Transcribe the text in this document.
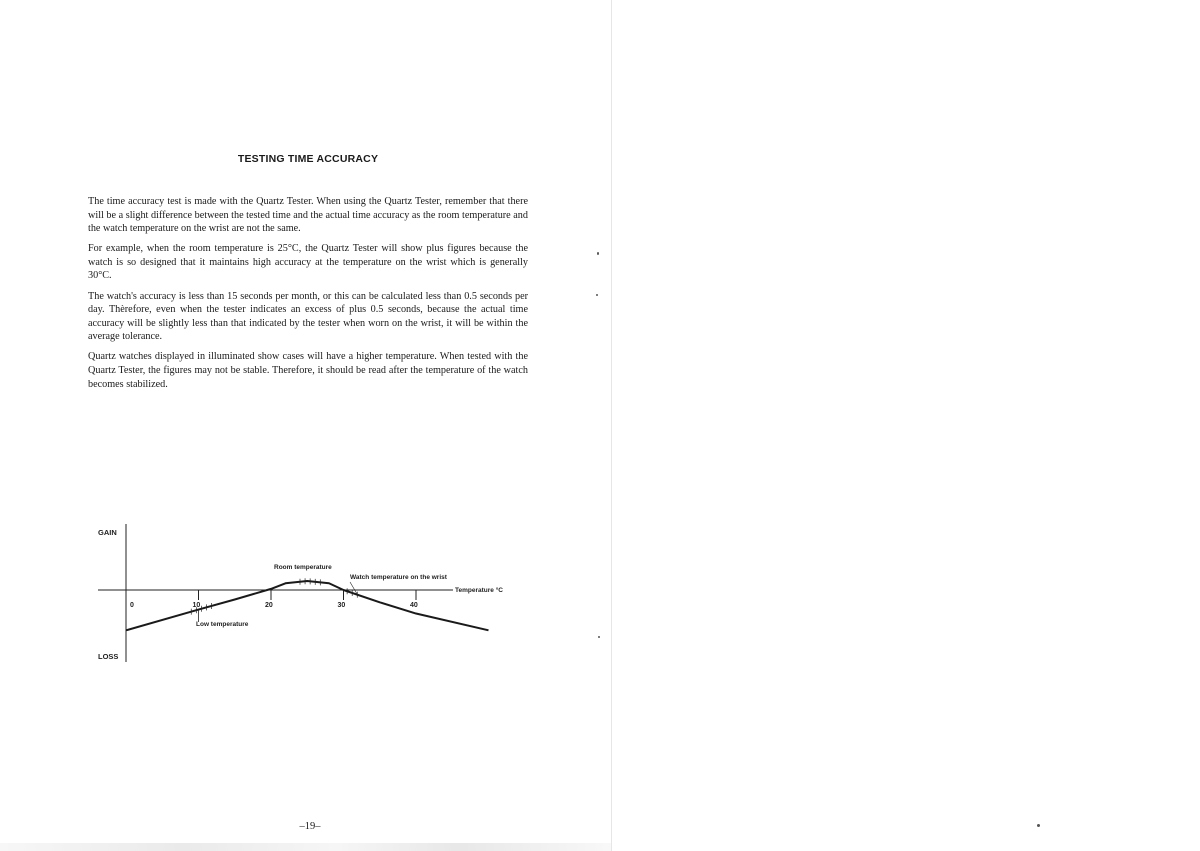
TESTING TIME ACCURACY

The time accuracy test is made with the Quartz Tester. When using the Quartz Tester, remember that there will be a slight difference between the tested time and the actual time accuracy as the room temperature and the watch temperature on the wrist are not the same.

For example, when the room temperature is 25°C, the Quartz Tester will show plus figures because the watch is so designed that it maintains high accuracy at the temperature on the wrist which is generally 30°C.

The watch's accuracy is less than 15 seconds per month, or this can be calculated less than 0.5 seconds per day. Thèrefore, even when the tester indicates an excess of plus 0.5 seconds, because the actual time accuracy will be slightly less than that indicated by the tester when worn on the wrist, it will be within the average tolerance.

Quartz watches displayed in illuminated show cases will have a higher temperature. When tested with the Quartz Tester, the figures may not be stable. Therefore, it should be read after the temperature of the watch becomes stabilized.

GAIN
LOSS
Room temperature
Watch temperature on the wrist
Low temperature
Temperature °C
0	10	20	30	40
–19–
